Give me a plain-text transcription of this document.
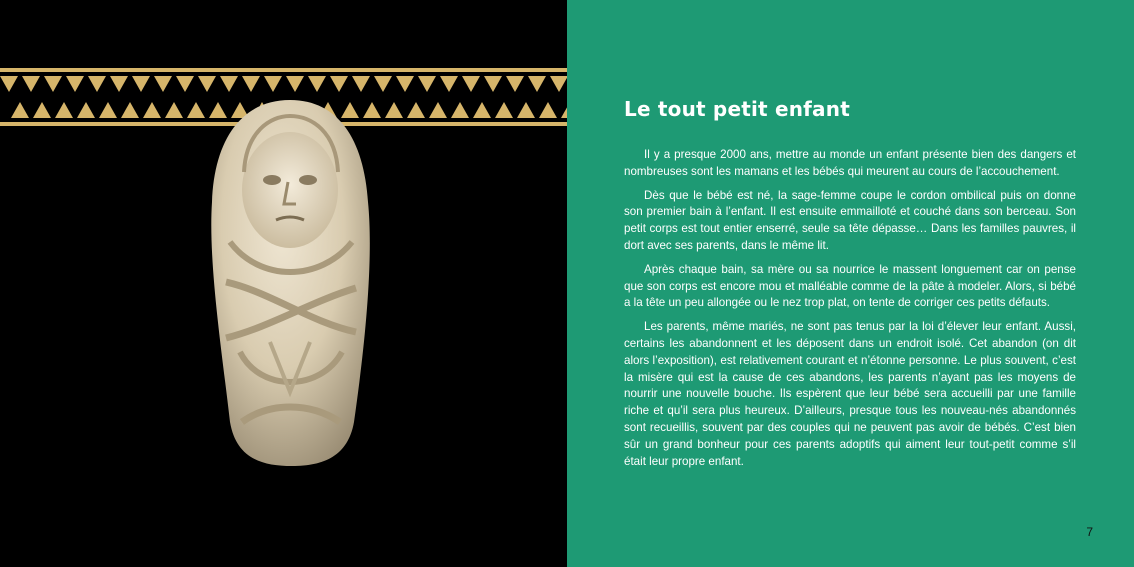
Le tout petit enfant

Il y a presque 2000 ans, mettre au monde un enfant présente bien des dangers et nombreuses sont les mamans et les bébés qui meurent au cours de l’accouchement.

Dès que le bébé est né, la sage-femme coupe le cordon ombilical puis on donne son premier bain à l’enfant. Il est ensuite emmailloté et couché dans son berceau. Son petit corps est tout entier enserré, seule sa tête dépasse… Dans les familles pauvres, il dort avec ses parents, dans le même lit.

Après chaque bain, sa mère ou sa nourrice le massent longuement car on pense que son corps est encore mou et malléable comme de la pâte à modeler. Alors, si bébé a la tête un peu allongée ou le nez trop plat, on tente de corriger ces petits défauts.

Les parents, même mariés, ne sont pas tenus par la loi d’élever leur enfant. Aussi, certains les abandonnent et les déposent dans un endroit isolé. Cet abandon (on dit alors l’exposition), est relativement courant et n’étonne personne. Le plus souvent, c’est la misère qui est la cause de ces abandons, les parents n’ayant pas les moyens de nourrir une nouvelle bouche. Ils espèrent que leur bébé sera accueilli par une famille riche et qu’il sera plus heureux. D’ailleurs, presque tous les nouveau-nés abandonnés sont recueillis, souvent par des couples qui ne peuvent pas avoir de bébés. C’est bien sûr un grand bonheur pour ces parents adoptifs qui aiment leur tout-petit comme s’il était leur propre enfant.

7
